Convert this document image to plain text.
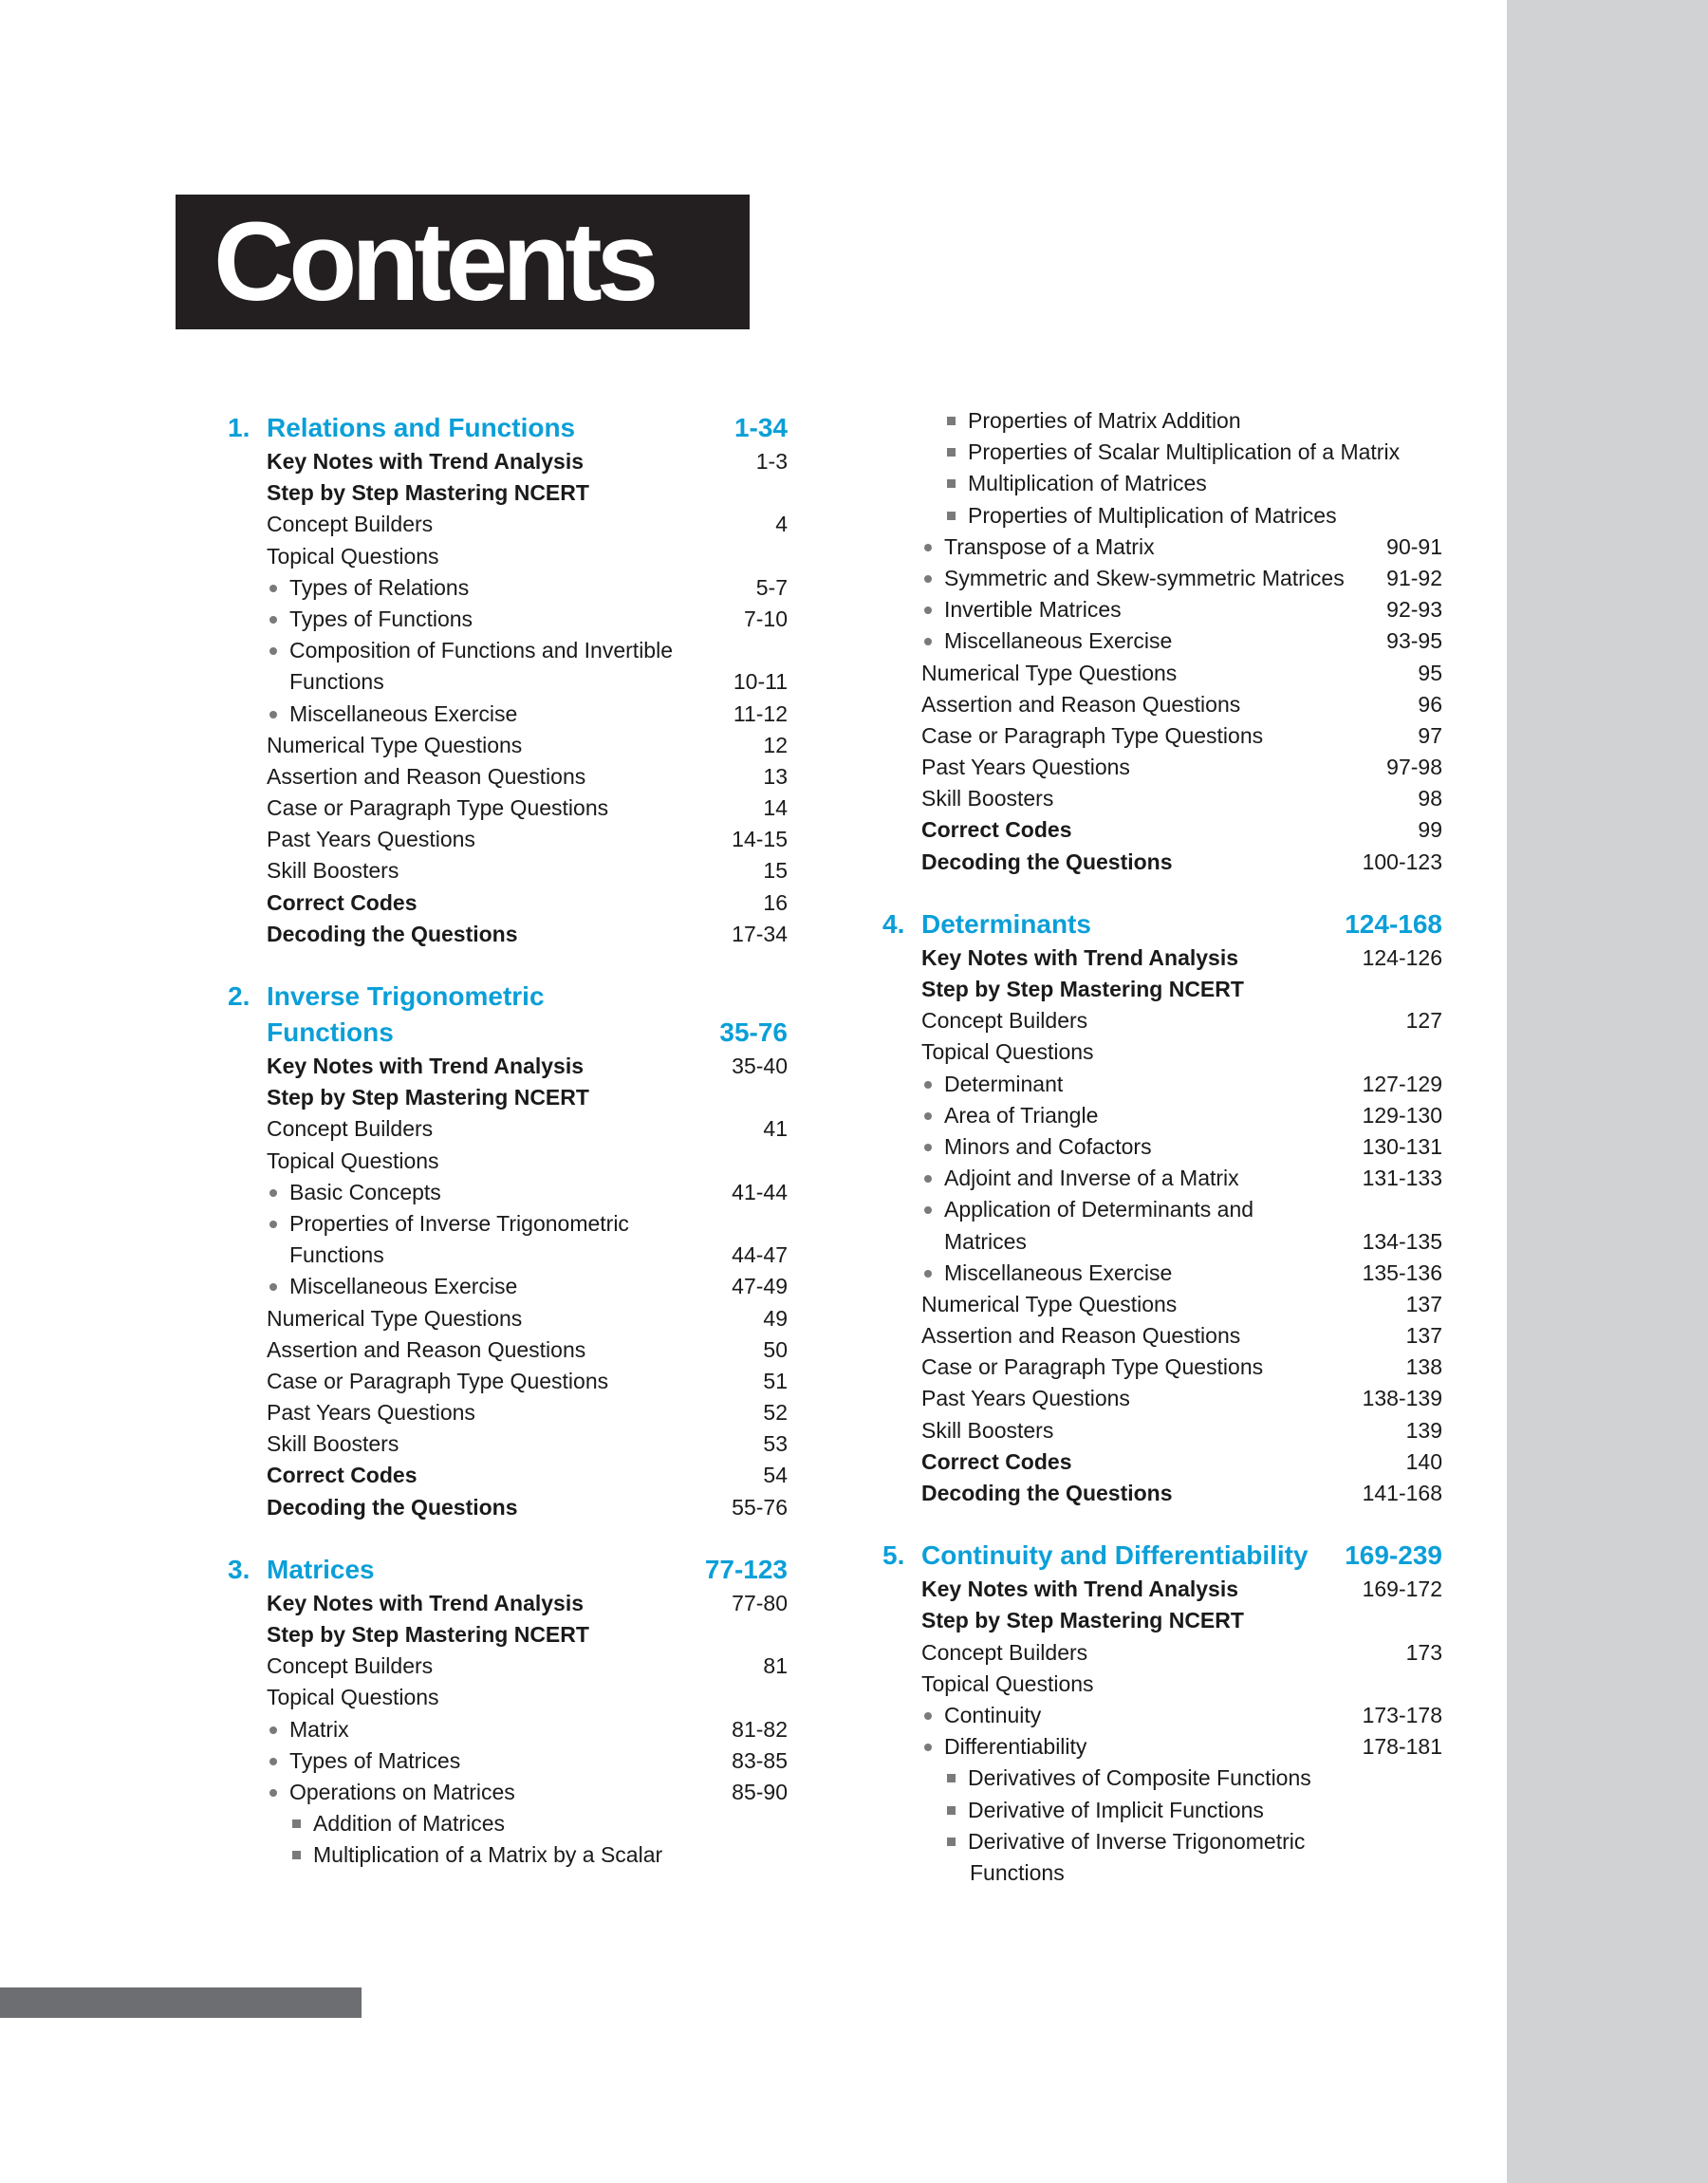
Contents
1. Relations and Functions	1-34
Key Notes with Trend Analysis	1-3
Step by Step Mastering NCERT
Concept Builders	4
Topical Questions
Types of Relations	5-7
Types of Functions	7-10
Composition of Functions and Invertible
Functions	10-11
Miscellaneous Exercise	11-12
Numerical Type Questions	12
Assertion and Reason Questions	13
Case or Paragraph Type Questions	14
Past Years Questions	14-15
Skill Boosters	15
Correct Codes	16
Decoding the Questions	17-34
2. Inverse Trigonometric
Functions	35-76
Key Notes with Trend Analysis	35-40
Step by Step Mastering NCERT
Concept Builders	41
Topical Questions
Basic Concepts	41-44
Properties of Inverse Trigonometric
Functions	44-47
Miscellaneous Exercise	47-49
Numerical Type Questions	49
Assertion and Reason Questions	50
Case or Paragraph Type Questions	51
Past Years Questions	52
Skill Boosters	53
Correct Codes	54
Decoding the Questions	55-76
3. Matrices	77-123
Key Notes with Trend Analysis	77-80
Step by Step Mastering NCERT
Concept Builders	81
Topical Questions
Matrix	81-82
Types of Matrices	83-85
Operations on Matrices	85-90
Addition of Matrices
Multiplication of a Matrix by a Scalar
Properties of Matrix Addition
Properties of Scalar Multiplication of a Matrix
Multiplication of Matrices
Properties of Multiplication of Matrices
Transpose of a Matrix	90-91
Symmetric and Skew-symmetric Matrices 91-92
Invertible Matrices	92-93
Miscellaneous Exercise	93-95
Numerical Type Questions	95
Assertion and Reason Questions	96
Case or Paragraph Type Questions	97
Past Years Questions	97-98
Skill Boosters	98
Correct Codes	99
Decoding the Questions	100-123
4. Determinants	124-168
Key Notes with Trend Analysis	124-126
Step by Step Mastering NCERT
Concept Builders	127
Topical Questions
Determinant	127-129
Area of Triangle	129-130
Minors and Cofactors	130-131
Adjoint and Inverse of a Matrix	131-133
Application of Determinants and
Matrices	134-135
Miscellaneous Exercise	135-136
Numerical Type Questions	137
Assertion and Reason Questions	137
Case or Paragraph Type Questions	138
Past Years Questions	138-139
Skill Boosters	139
Correct Codes	140
Decoding the Questions	141-168
5. Continuity and Differentiability 169-239
Key Notes with Trend Analysis	169-172
Step by Step Mastering NCERT
Concept Builders	173
Topical Questions
Continuity	173-178
Differentiability	178-181
Derivatives of Composite Functions
Derivative of Implicit Functions
Derivative of Inverse Trigonometric
Functions
